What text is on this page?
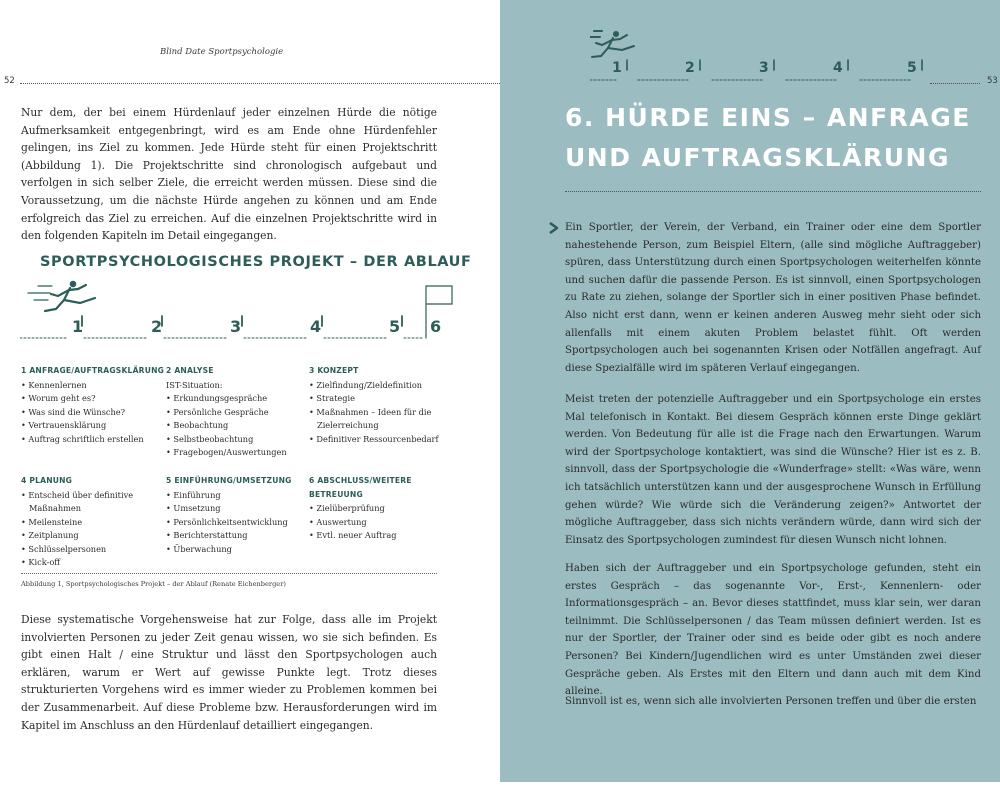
Blind Date Sportpsychologie
52

Nur dem, der bei einem Hürdenlauf jeder einzelnen Hürde die nötige Aufmerksamkeit entgegenbringt, wird es am Ende ohne Hürdenfehler gelingen, ins Ziel zu kommen. Jede Hürde steht für einen Projektschritt (Abbildung 1). Die Projektschritte sind chronologisch aufgebaut und verfolgen in sich selber Ziele, die erreicht werden müssen. Diese sind die Voraussetzung, um die nächste Hürde angehen zu können und am Ende erfolgreich das Ziel zu erreichen. Auf die einzelnen Projektschritte wird in den folgenden Kapiteln im Detail eingegangen.

SPORTPSYCHOLOGISCHES PROJEKT – DER ABLAUF
1	2	3	4	5 6
1 ANFRAGE/AUFTRAGSKLÄRUNG
• Kennenlernen
• Worum geht es?
• Was sind die Wünsche?
• Vertrauensklärung
• Auftrag schriftlich erstellen
2 ANALYSE
IST-Situation:
• Erkundungsgespräche
• Persönliche Gespräche
• Beobachtung
• Selbstbeobachtung
• Fragebogen/Auswertungen
3 KONZEPT
• Zielfindung/Zieldefinition
• Strategie
• Maßnahmen – Ideen für die
Zielerreichung
• Definitiver Ressourcenbedarf
4 PLANUNG
• Entscheid über definitive
Maßnahmen
• Meilensteine
• Zeitplanung
• Schlüsselpersonen
• Kick-off
5 EINFÜHRUNG/UMSETZUNG
• Einführung
• Umsetzung
• Persönlichkeitsentwicklung
• Berichterstattung
• Überwachung
6 ABSCHLUSS/WEITERE BETREUUNG
• Zielüberprüfung
• Auswertung
• Evtl. neuer Auftrag
Abbildung 1, Sportpsychologisches Projekt – der Ablauf (Renate Eichenberger)

Diese systematische Vorgehensweise hat zur Folge, dass alle im Projekt involvierten Personen zu jeder Zeit genau wissen, wo sie sich befinden. Es gibt einen Halt / eine Struktur und lässt den Sportpsychologen auch erklären, warum er Wert auf gewisse Punkte legt. Trotz dieses strukturierten Vorgehens wird es immer wieder zu Problemen kommen bei der Zusammenarbeit. Auf diese Probleme bzw. Herausforderungen wird im Kapitel im Anschluss an den Hürdenlauf detailliert eingegangen.

1	2	3	4	5
53
6. HÜRDE EINS – ANFRAGE UND AUFTRAGSKLÄRUNG

Ein Sportler, der Verein, der Verband, ein Trainer oder eine dem Sportler nahestehende Person, zum Beispiel Eltern, (alle sind mögliche Auftraggeber) spüren, dass Unterstützung durch einen Sportpsychologen weiterhelfen könnte und suchen dafür die passende Person. Es ist sinnvoll, einen Sportpsychologen zu Rate zu ziehen, solange der Sportler sich in einer positiven Phase befindet. Also nicht erst dann, wenn er keinen anderen Ausweg mehr sieht oder sich allenfalls mit einem akuten Problem belastet fühlt. Oft werden Sportpsychologen auch bei sogenannten Krisen oder Notfällen angefragt. Auf diese Spezialfälle wird im späteren Verlauf eingegangen.

Meist treten der potenzielle Auftraggeber und ein Sportpsychologe ein erstes Mal telefonisch in Kontakt. Bei diesem Gespräch können erste Dinge geklärt werden. Von Bedeutung für alle ist die Frage nach den Erwartungen. Warum wird der Sportpsychologe kontaktiert, was sind die Wünsche? Hier ist es z. B. sinnvoll, dass der Sportpsychologie die «Wunderfrage» stellt: «Was wäre, wenn ich tatsächlich unterstützen kann und der ausgesprochene Wunsch in Erfüllung gehen würde? Wie würde sich die Veränderung zeigen?» Antwortet der mögliche Auftraggeber, dass sich nichts verändern würde, dann wird sich der Einsatz des Sportpsychologen zumindest für diesen Wunsch nicht lohnen.

Haben sich der Auftraggeber und ein Sportpsychologe gefunden, steht ein erstes Gespräch – das sogenannte Vor-, Erst-, Kennenlern- oder Informationsgespräch – an. Bevor dieses stattfindet, muss klar sein, wer daran teilnimmt. Die Schlüsselpersonen / das Team müssen definiert werden. Ist es nur der Sportler, der Trainer oder sind es beide oder gibt es noch andere Personen? Bei Kindern/Jugendlichen wird es unter Umständen zwei dieser Gespräche geben. Als Erstes mit den Eltern und dann auch mit dem Kind alleine.

Sinnvoll ist es, wenn sich alle involvierten Personen treffen und über die ersten
